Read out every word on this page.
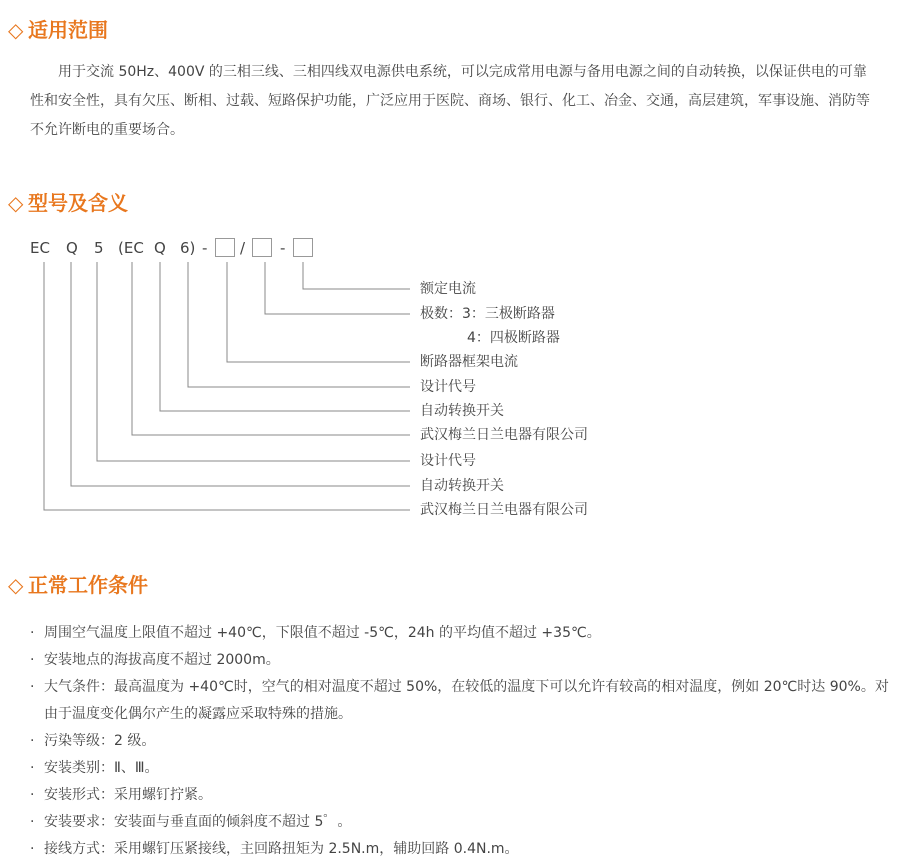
◇ 适用范围

用于交流 50Hz、400V 的三相三线、三相四线双电源供电系统，可以完成常用电源与备用电源之间的自动转换，以保证供电的可靠性和安全性，具有欠压、断相、过载、短路保护功能，广泛应用于医院、商场、银行、化工、冶金、交通，高层建筑，军事设施、消防等不允许断电的重要场合。

◇ 型号及含义
EC Q 5 (EC Q 6) - / -
额定电流
极数：3：三极断路器
4：四极断路器
断路器框架电流
设计代号
自动转换开关
武汉梅兰日兰电器有限公司
设计代号
自动转换开关
武汉梅兰日兰电器有限公司
◇ 正常工作条件
· 周围空气温度上限值不超过 +40℃，下限值不超过 -5℃，24h 的平均值不超过 +35℃。
· 安装地点的海拔高度不超过 2000m。
· 大气条件：最高温度为 +40℃时，空气的相对温度不超过 50%，在较低的温度下可以允许有较高的相对温度，例如 20℃时达 90%。对由于温度变化偶尔产生的凝露应采取特殊的措施。
· 污染等级：2 级。
· 安装类别：Ⅱ、Ⅲ。
· 安装形式：采用螺钉拧紧。
· 安装要求：安装面与垂直面的倾斜度不超过 5゜。
· 接线方式：采用螺钉压紧接线，主回路扭矩为 2.5N.m，辅助回路 0.4N.m。
